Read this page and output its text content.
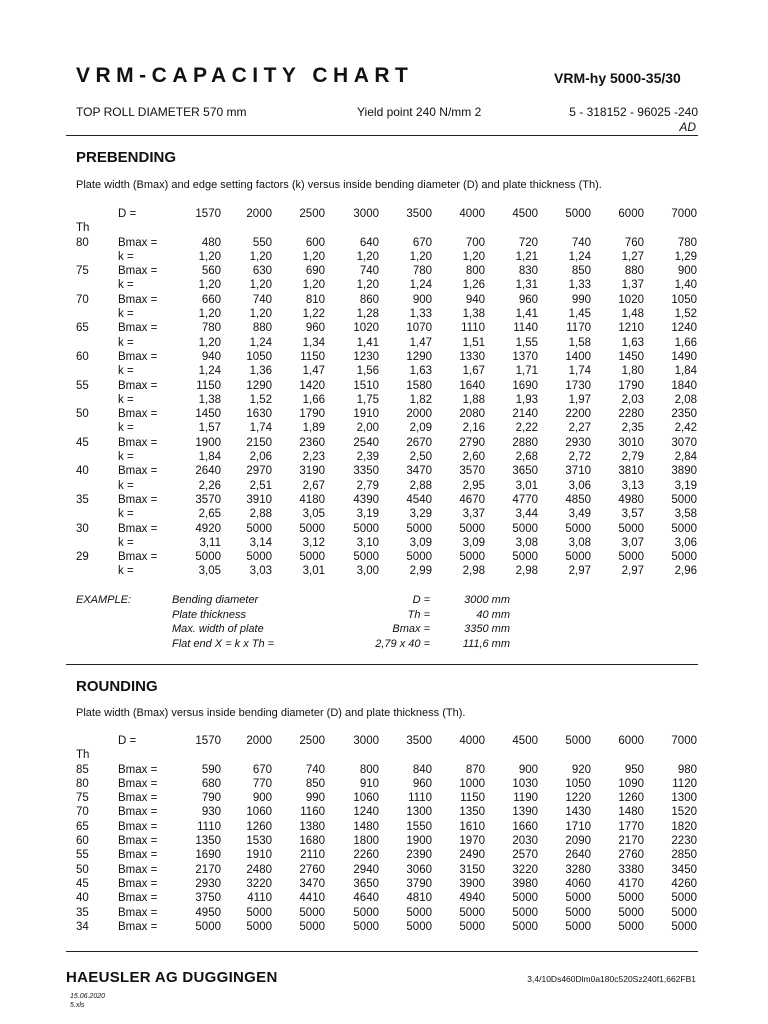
VRM-CAPACITY CHART	VRM-hy 5000-35/30
TOP ROLL DIAMETER 570 mm	Yield point 240 N/mm 2	5 - 318152 - 96025 -240
AD
PREBENDING
Plate width (Bmax) and edge setting factors (k) versus inside bending diameter (D) and plate thickness (Th).
D =	1570	2000	2500	3000	3500	4000	4500	5000	6000	7000
Th
80	Bmax =	480	550	600	640	670	700	720	740	760	780
k =	1,20	1,20	1,20	1,20	1,20	1,20	1,21	1,24	1,27	1,29
75	Bmax =	560	630	690	740	780	800	830	850	880	900
k =	1,20	1,20	1,20	1,20	1,24	1,26	1,31	1,33	1,37	1,40
70	Bmax =	660	740	810	860	900	940	960	990	1020	1050
k =	1,20	1,20	1,22	1,28	1,33	1,38	1,41	1,45	1,48	1,52
65	Bmax =	780	880	960	1020	1070	1110	1140	1170	1210	1240
k =	1,20	1,24	1,34	1,41	1,47	1,51	1,55	1,58	1,63	1,66
60	Bmax =	940	1050	1150	1230	1290	1330	1370	1400	1450	1490
k =	1,24	1,36	1,47	1,56	1,63	1,67	1,71	1,74	1,80	1,84
55	Bmax =	1150	1290	1420	1510	1580	1640	1690	1730	1790	1840
k =	1,38	1,52	1,66	1,75	1,82	1,88	1,93	1,97	2,03	2,08
50	Bmax =	1450	1630	1790	1910	2000	2080	2140	2200	2280	2350
k =	1,57	1,74	1,89	2,00	2,09	2,16	2,22	2,27	2,35	2,42
45	Bmax =	1900	2150	2360	2540	2670	2790	2880	2930	3010	3070
k =	1,84	2,06	2,23	2,39	2,50	2,60	2,68	2,72	2,79	2,84
40	Bmax =	2640	2970	3190	3350	3470	3570	3650	3710	3810	3890
k =	2,26	2,51	2,67	2,79	2,88	2,95	3,01	3,06	3,13	3,19
35	Bmax =	3570	3910	4180	4390	4540	4670	4770	4850	4980	5000
k =	2,65	2,88	3,05	3,19	3,29	3,37	3,44	3,49	3,57	3,58
30	Bmax =	4920	5000	5000	5000	5000	5000	5000	5000	5000	5000
k =	3,11	3,14	3,12	3,10	3,09	3,09	3,08	3,08	3,07	3,06
29	Bmax =	5000	5000	5000	5000	5000	5000	5000	5000	5000	5000
k =	3,05	3,03	3,01	3,00	2,99	2,98	2,98	2,97	2,97	2,96
EXAMPLE:	Bending diameter	D =	3000 mm
Plate thickness	Th =	40 mm
Max. width of plate	Bmax =	3350 mm
Flat end X = k x Th =	2,79 x 40 =	111,6 mm
ROUNDING
Plate width (Bmax) versus inside bending diameter (D) and plate thickness (Th).
D =	1570	2000	2500	3000	3500	4000	4500	5000	6000	7000
Th
85	Bmax =	590	670	740	800	840	870	900	920	950	980
80	Bmax =	680	770	850	910	960	1000	1030	1050	1090	1120
75	Bmax =	790	900	990	1060	1110	1150	1190	1220	1260	1300
70	Bmax =	930	1060	1160	1240	1300	1350	1390	1430	1480	1520
65	Bmax =	1110	1260	1380	1480	1550	1610	1660	1710	1770	1820
60	Bmax =	1350	1530	1680	1800	1900	1970	2030	2090	2170	2230
55	Bmax =	1690	1910	2110	2260	2390	2490	2570	2640	2760	2850
50	Bmax =	2170	2480	2760	2940	3060	3150	3220	3280	3380	3450
45	Bmax =	2930	3220	3470	3650	3790	3900	3980	4060	4170	4260
40	Bmax =	3750	4110	4410	4640	4810	4940	5000	5000	5000	5000
35	Bmax =	4950	5000	5000	5000	5000	5000	5000	5000	5000	5000
34	Bmax =	5000	5000	5000	5000	5000	5000	5000	5000	5000	5000
HAEUSLER AG DUGGINGEN	3,4/10Ds460Dlm0a180c520Sz240f1,662FB1
15.06.2020
5.xls
